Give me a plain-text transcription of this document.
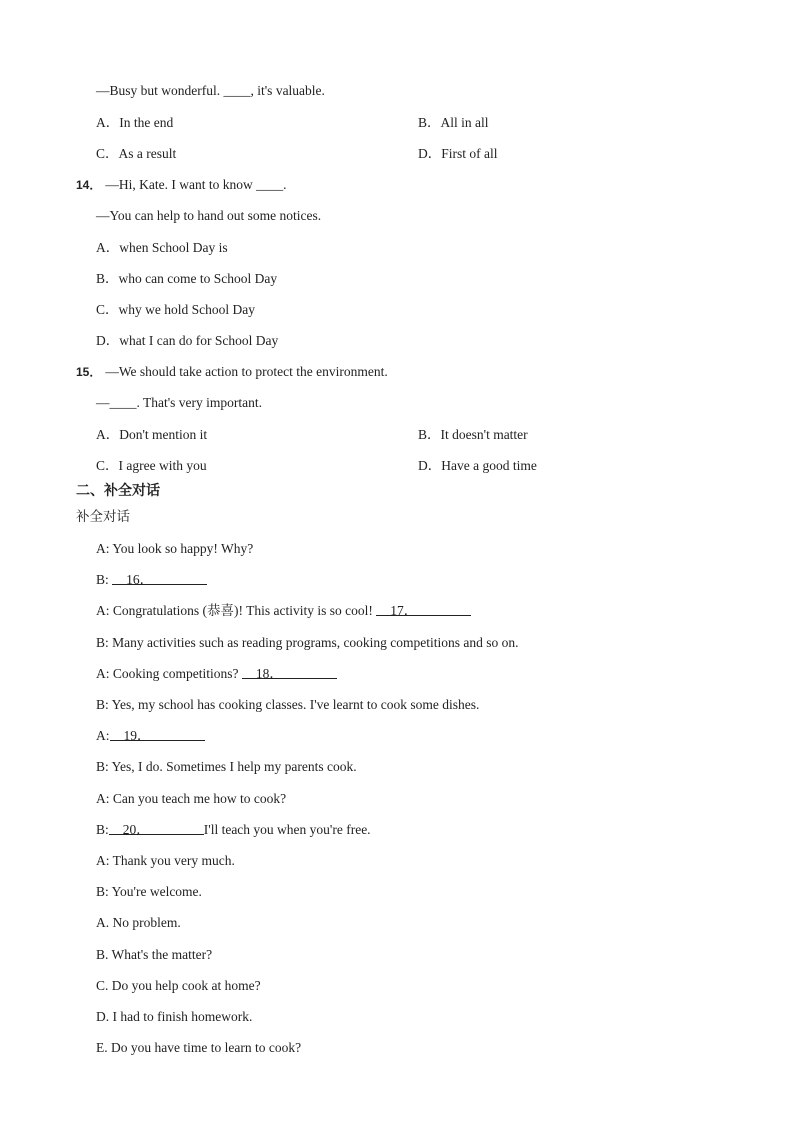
—Busy but wonderful. ____, it's valuable.
A．In the end	B．All in all
C．As a result	D．First of all
14． —Hi, Kate. I want to know ____.
—You can help to hand out some notices.
A．when School Day is
B．who can come to School Day
C．why we hold School Day
D．what I can do for School Day
15． —We should take action to protect the environment.
—____. That's very important.
A．Don't mention it	B．It doesn't matter
C．I agree with you	D．Have a good time
二、补全对话
补全对话
A: You look so happy! Why?
B: 16．
A: Congratulations (恭喜)! This activity is so cool! 17．
B: Many activities such as reading programs, cooking competitions and so on.
A: Cooking competitions? 18．
B: Yes, my school has cooking classes. I've learnt to cook some dishes.
A: 19．
B: Yes, I do. Sometimes I help my parents cook.
A: Can you teach me how to cook?
B: 20．	I'll teach you when you're free.
A: Thank you very much.
B: You're welcome.
A. No problem.
B. What's the matter?
C. Do you help cook at home?
D. I had to finish homework.
E. Do you have time to learn to cook?
